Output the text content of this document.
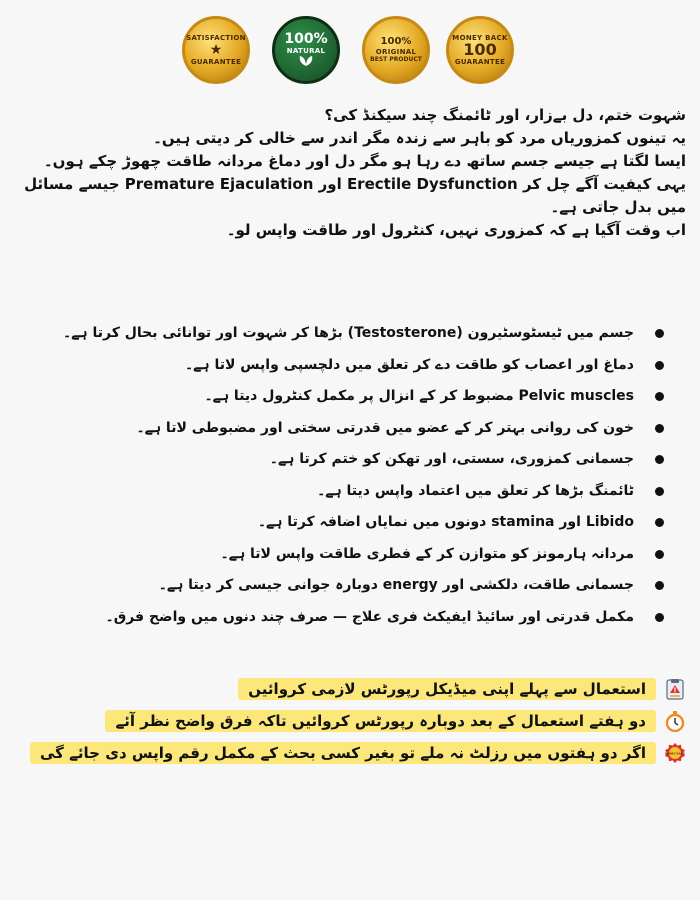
SATISFACTION
★
GUARANTEE
100%
NATURAL
100%
ORIGINAL
BEST PRODUCT
MONEY BACK
100
GUARANTEE

شہوت ختم، دل بےزار، اور ٹائمنگ چند سیکنڈ کی؟

یہ تینوں کمزوریاں مرد کو باہر سے زندہ مگر اندر سے خالی کر دیتی ہیں۔

ایسا لگتا ہے جیسے جسم ساتھ دے رہا ہو مگر دل اور دماغ مردانہ طاقت چھوڑ چکے ہوں۔

یہی کیفیت آگے چل کر Erectile Dysfunction اور Premature Ejaculation جیسے مسائل میں بدل جاتی ہے۔

اب وقت آگیا ہے کہ کمزوری نہیں، کنٹرول اور طاقت واپس لو۔

جسم میں ٹیسٹوسٹیرون (Testosterone) بڑھا کر شہوت اور توانائی بحال کرتا ہے۔
دماغ اور اعصاب کو طاقت دے کر تعلق میں دلچسپی واپس لاتا ہے۔
Pelvic muscles مضبوط کر کے انزال پر مکمل کنٹرول دیتا ہے۔
خون کی روانی بہتر کر کے عضو میں قدرتی سختی اور مضبوطی لاتا ہے۔
جسمانی کمزوری، سستی، اور تھکن کو ختم کرتا ہے۔
ٹائمنگ بڑھا کر تعلق میں اعتماد واپس دیتا ہے۔
Libido اور stamina دونوں میں نمایاں اضافہ کرتا ہے۔
مردانہ ہارمونز کو متوازن کر کے فطری طاقت واپس لاتا ہے۔
جسمانی طاقت، دلکشی اور energy دوبارہ جوانی جیسی کر دیتا ہے۔
مکمل قدرتی اور سائیڈ ایفیکٹ فری علاج — صرف چند دنوں میں واضح فرق۔
استعمال سے پہلے اپنی میڈیکل رپورٹس لازمی کروائیں
دو ہفتے استعمال کے بعد دوبارہ رپورٹس کروائیں تاکہ فرق واضح نظر آئے
MONEY BACK
اگر دو ہفتوں میں رزلٹ نہ ملے تو بغیر کسی بحث کے مکمل رقم واپس دی جائے گی
